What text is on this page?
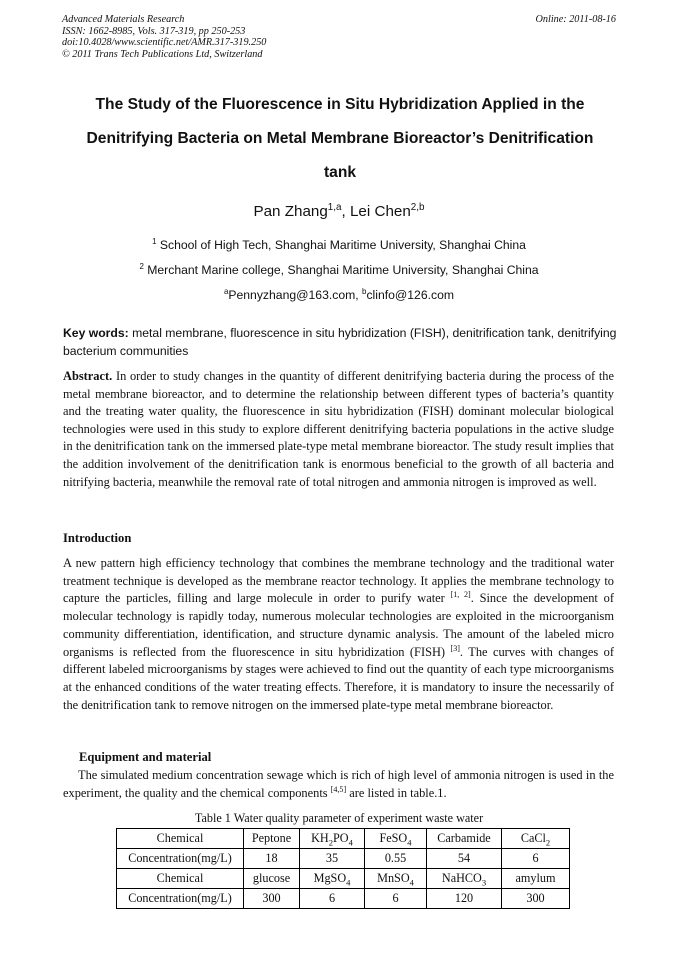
Advanced Materials Research
ISSN: 1662-8985, Vols. 317-319, pp 250-253
doi:10.4028/www.scientific.net/AMR.317-319.250
© 2011 Trans Tech Publications Ltd, Switzerland
Online: 2011-08-16
The Study of the Fluorescence in Situ Hybridization Applied in the
Denitrifying Bacteria on Metal Membrane Bioreactor’s Denitrification
tank
Pan Zhang$^{1,a}$, Lei Chen$^{2,b}$
$^1$ School of High Tech, Shanghai Maritime University, Shanghai China
$^2$ Merchant Marine college, Shanghai Maritime University, Shanghai China
$^a$Pennyzhang@163.com, $^b$clinfo@126.com
Key words: metal membrane, fluorescence in situ hybridization (FISH), denitrification tank, denitrifying bacterium communities
Abstract. In order to study changes in the quantity of different denitrifying bacteria during the process of the metal membrane bioreactor, and to determine the relationship between different types of bacteria’s quantity and the treating water quality, the fluorescence in situ hybridization (FISH) dominant molecular biological technologies were used in this study to explore different denitrifying bacteria populations in the active sludge in the denitrification tank on the immersed plate-type metal membrane bioreactor. The study result implies that the addition involvement of the denitrification tank is enormous beneficial to the growth of all bacteria and nitrifying bacteria, meanwhile the removal rate of total nitrogen and ammonia nitrogen is improved as well.
Introduction
A new pattern high efficiency technology that combines the membrane technology and the traditional water treatment technique is developed as the membrane reactor technology. It applies the membrane technology to capture the particles, filling and large molecule in order to purify water [1, 2]. Since the development of molecular technology is rapidly today, numerous molecular technologies are exploited in the microorganism community differentiation, identification, and structure dynamic analysis. The amount of the labeled micro organisms is reflected from the fluorescence in situ hybridization (FISH) [3]. The curves with changes of different labeled microorganisms by stages were achieved to find out the quantity of each type microorganisms at the enhanced conditions of the water treating effects. Therefore, it is mandatory to insure the necessarily of the denitrification tank to remove nitrogen on the immersed plate-type metal membrane bioreactor.
Equipment and material
The simulated medium concentration sewage which is rich of high level of ammonia nitrogen is used in the experiment, the quality and the chemical components [4,5] are listed in table.1.
Table 1 Water quality parameter of experiment waste water
Chemical	Peptone	$KH_2PO_4$	FeSO$_4$	Carbamide	CaCl$_2$
Concentration(mg/L)	18	35	0.55	54	6
Chemical	glucose	MgSO$_4$	MnSO$_4$	NaHCO$_3$	amylum
Concentration(mg/L)	300	6	6	120	300
